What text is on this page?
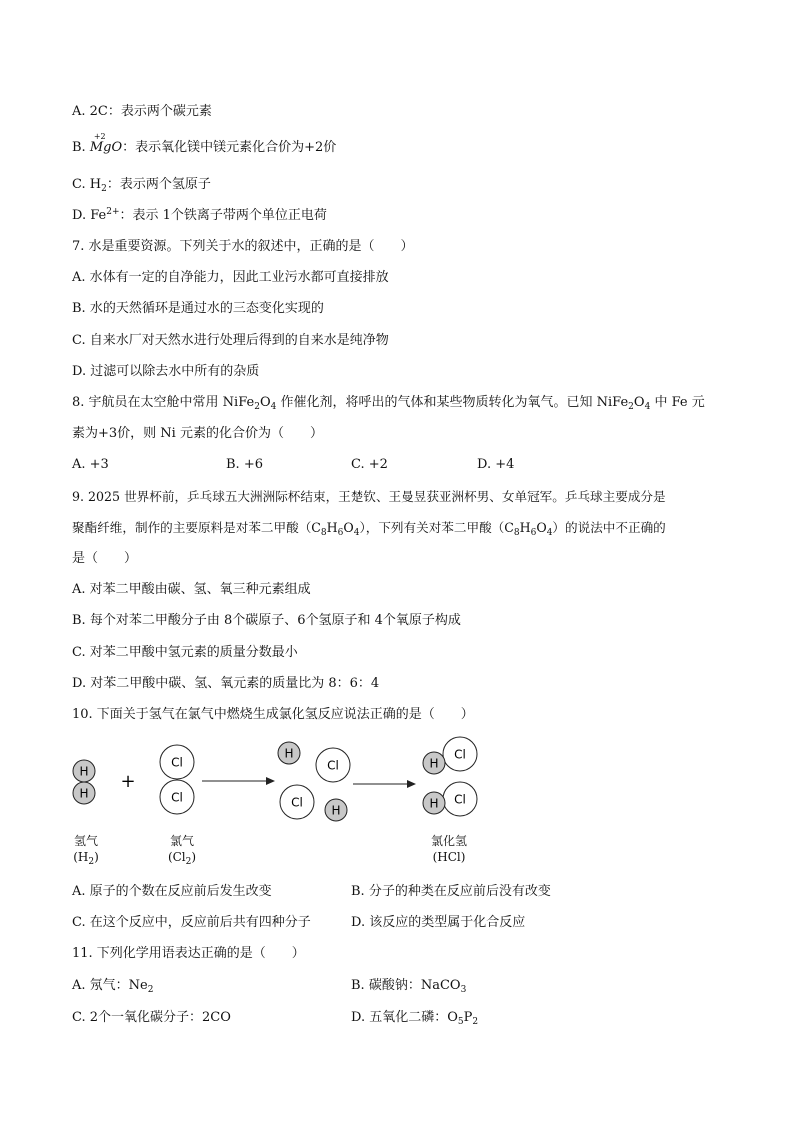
A. 2C：表示两个碳元素
B.
+2
MgO：表示氧化镁中镁元素化合价为+2价
C. $H_2$：表示两个氢原子
D. $Fe^{2+}$：表示 1个铁离子带两个单位正电荷
7. 水是重要资源。下列关于水的叙述中，正确的是（　　）
A. 水体有一定的自净能力，因此工业污水都可直接排放
B. 水的天然循环是通过水的三态变化实现的
C. 自来水厂对天然水进行处理后得到的自来水是纯净物
D. 过滤可以除去水中所有的杂质
8. 宇航员在太空舱中常用 $NiFe_2O_4$ 作催化剂，将呼出的气体和某些物质转化为氧气。已知 $NiFe_2O_4$ 中 Fe 元
素为+3价，则 Ni 元素的化合价为（　　）
A. +3	B. +6	C. +2	D. +4
9. 2025 世界杯前，乒乓球五大洲洲际杯结束，王楚钦、王曼昱获亚洲杯男、女单冠军。乒乓球主要成分是
聚酯纤维，制作的主要原料是对苯二甲酸$(C_8H_6O_4)$，下列有关对苯二甲酸$(C_8H_6O_4)$的说法中不正确的
是（　　）
A. 对苯二甲酸由碳、氢、氧三种元素组成
B. 每个对苯二甲酸分子由 8个碳原子、6个氢原子和 4个氧原子构成
C. 对苯二甲酸中氢元素的质量分数最小
D. 对苯二甲酸中碳、氢、氧元素的质量比为 8：6：4
10. 下面关于氢气在氯气中燃烧生成氯化氢反应说法正确的是（　　）
H
H
+
Cl
Cl
H
Cl
Cl
H
Cl
H
Cl
H
氢气
$(H_2)$
氯气
$(Cl_2)$
氯化氢
(HCl)
A. 原子的个数在反应前后发生改变	B. 分子的种类在反应前后没有改变
C. 在这个反应中，反应前后共有四种分子	D. 该反应的类型属于化合反应
11. 下列化学用语表达正确的是（　　）
A. 氖气：$Ne_2$	B. 碳酸钠：NaCO$_3$
C. 2个一氧化碳分子：2CO	D. 五氧化二磷：$O_5P_2$
